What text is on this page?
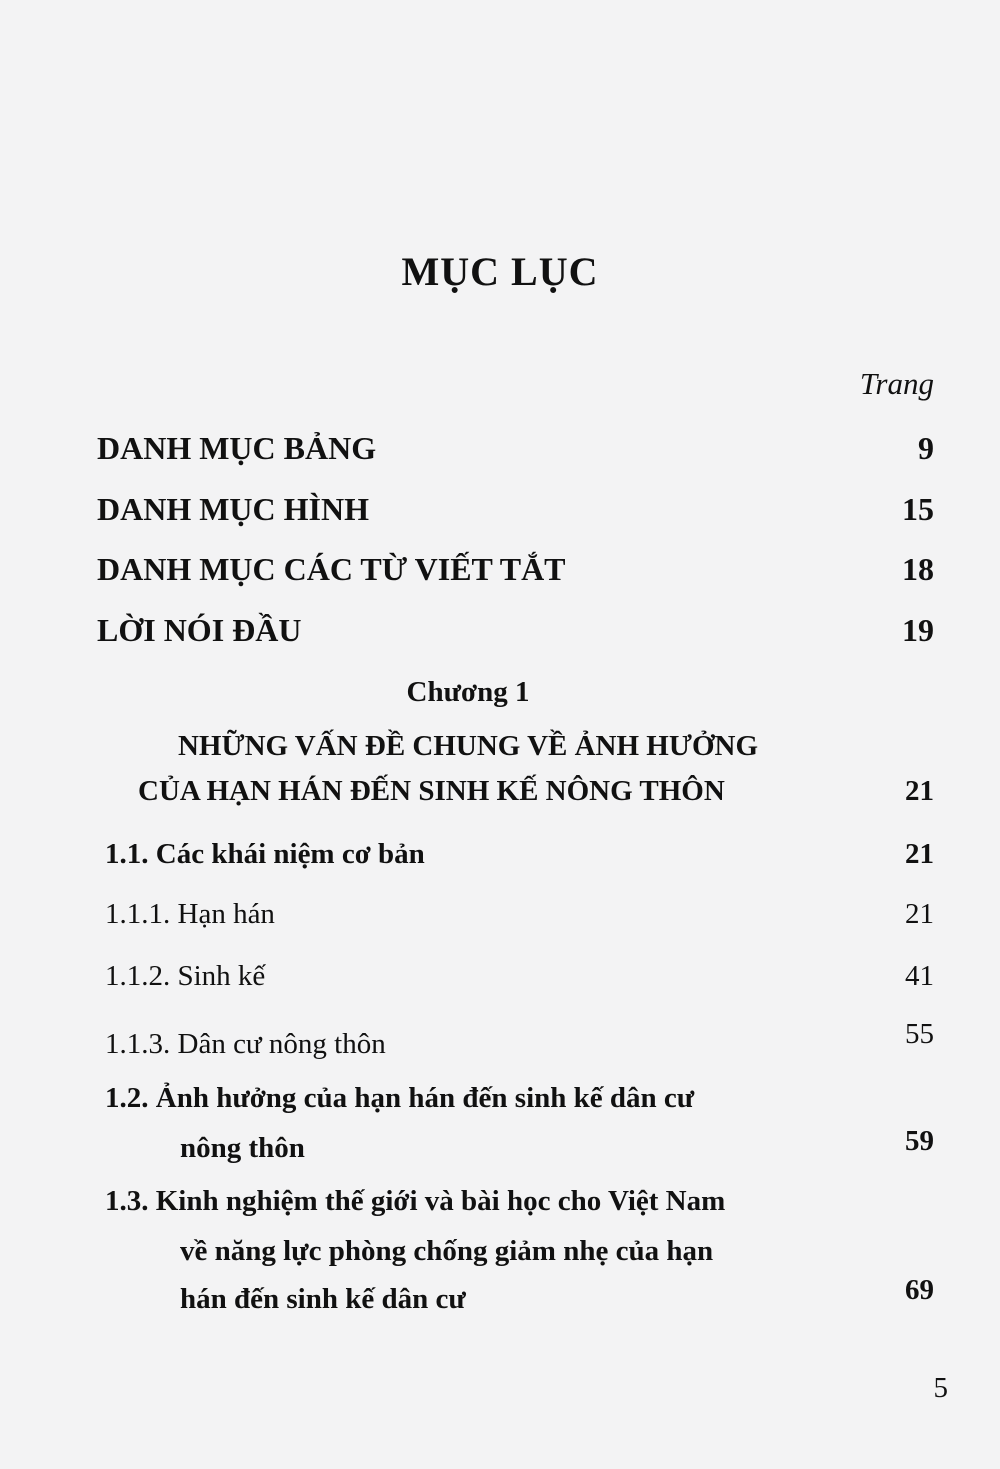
MỤC LỤC
Trang
DANH MỤC BẢNG	9
DANH MỤC HÌNH	15
DANH MỤC CÁC TỪ VIẾT TẮT	18
LỜI NÓI ĐẦU	19
Chương 1
NHỮNG VẤN ĐỀ CHUNG VỀ ẢNH HƯỞNG
CỦA HẠN HÁN ĐẾN SINH KẾ NÔNG THÔN	21
1.1. Các khái niệm cơ bản	21
1.1.1. Hạn hán	21
1.1.2. Sinh kế	41
1.1.3. Dân cư nông thôn	55
1.2. Ảnh hưởng của hạn hán đến sinh kế dân cư
nông thôn	59
1.3. Kinh nghiệm thế giới và bài học cho Việt Nam
về năng lực phòng chống giảm nhẹ của hạn
hán đến sinh kế dân cư	69
5
